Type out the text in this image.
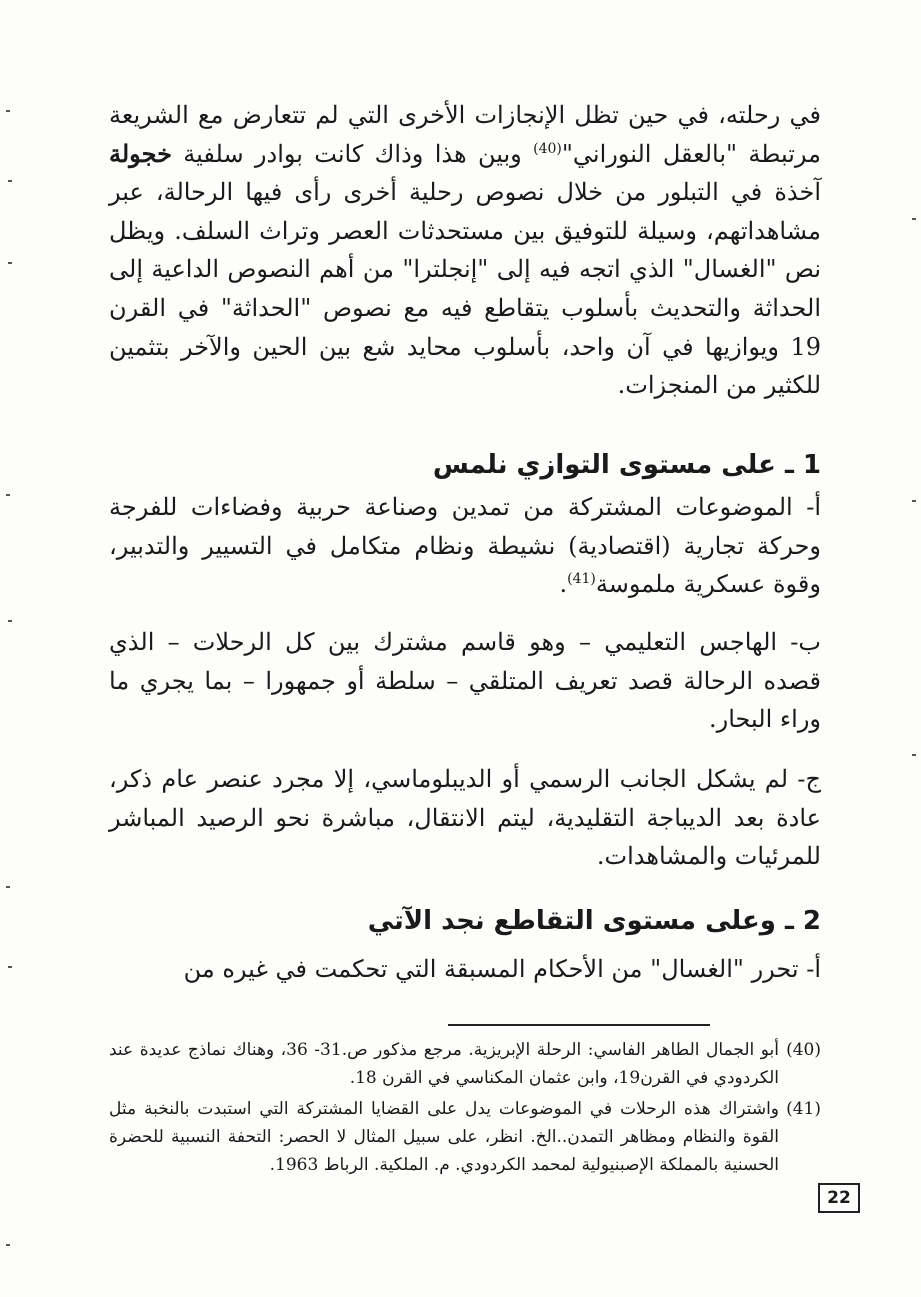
في رحلته، في حين تظل الإنجازات الأخرى التي لم تتعارض مع الشريعة مرتبطة "بالعقل النوراني"$^{(40)}$ وبين هذا وذاك كانت بوادر سلفية خجولة آخذة في التبلور من خلال نصوص رحلية أخرى رأى فيها الرحالة، عبر مشاهداتهم، وسيلة للتوفيق بين مستحدثات العصر وتراث السلف. ويظل نص "الغسال" الذي اتجه فيه إلى "إنجلترا" من أهم النصوص الداعية إلى الحداثة والتحديث بأسلوب يتقاطع فيه مع نصوص "الحداثة" في القرن 19 ويوازيها في آن واحد، بأسلوب محايد شع بين الحين والآخر بتثمين للكثير من المنجزات.
1 ـ على مستوى التوازي نلمس
أ- الموضوعات المشتركة من تمدين وصناعة حربية وفضاءات للفرجة وحركة تجارية (اقتصادية) نشيطة ونظام متكامل في التسيير والتدبير، وقوة عسكرية ملموسة$^{(41)}$.
ب- الهاجس التعليمي – وهو قاسم مشترك بين كل الرحلات – الذي قصده الرحالة قصد تعريف المتلقي – سلطة أو جمهورا – بما يجري ما وراء البحار.
ج- لم يشكل الجانب الرسمي أو الديبلوماسي، إلا مجرد عنصر عام ذكر، عادة بعد الديباجة التقليدية، ليتم الانتقال، مباشرة نحو الرصيد المباشر للمرئيات والمشاهدات.
2 ـ وعلى مستوى التقاطع نجد الآتي
أ- تحرر "الغسال" من الأحكام المسبقة التي تحكمت في غيره من
(40)
أبو الجمال الطاهر الفاسي: الرحلة الإبريزية. مرجع مذكور ص.31- 36، وهناك نماذج عديدة عند الكردودي في القرن19، وابن عثمان المكناسي في القرن 18.
(41)
واشتراك هذه الرحلات في الموضوعات يدل على القضايا المشتركة التي استبدت بالنخبة مثل القوة والنظام ومظاهر التمدن..الخ. انظر، على سبيل المثال لا الحصر: التحفة النسبية للحضرة الحسنية بالمملكة الإصبنيولية لمحمد الكردودي. م. الملكية. الرباط 1963.
22
